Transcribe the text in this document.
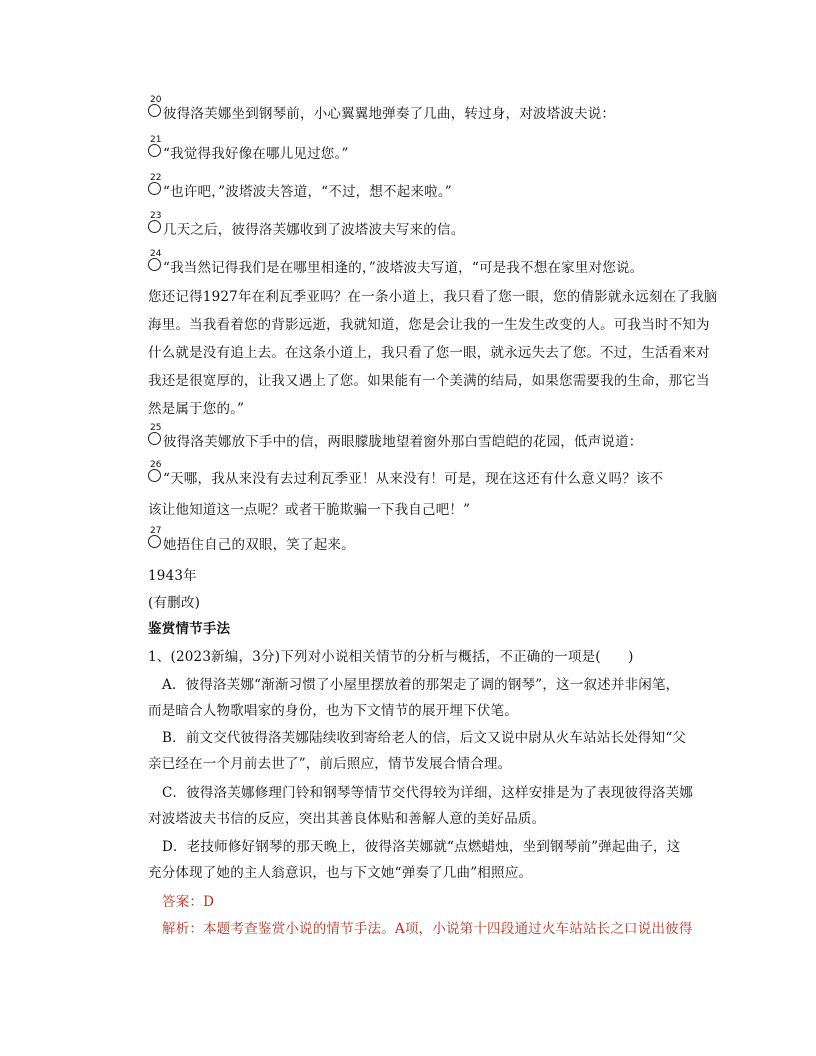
20
彼得洛芙娜坐到钢琴前，小心翼翼地弹奏了几曲，转过身，对波塔波夫说：
21
“我觉得我好像在哪儿见过您。”
22
“也许吧，”波塔波夫答道，“不过，想不起来啦。”
23
几天之后，彼得洛芙娜收到了波塔波夫写来的信。
24
“我当然记得我们是在哪里相逢的，”波塔波夫写道，“可是我不想在家里对您说。
您还记得1927年在利瓦季亚吗？在一条小道上，我只看了您一眼，您的倩影就永远刻在了我脑
海里。当我看着您的背影远逝，我就知道，您是会让我的一生发生改变的人。可我当时不知为
什么就是没有追上去。在这条小道上，我只看了您一眼，就永远失去了您。不过，生活看来对
我还是很宽厚的，让我又遇上了您。如果能有一个美满的结局，如果您需要我的生命，那它当
然是属于您的。”
25
彼得洛芙娜放下手中的信，两眼朦胧地望着窗外那白雪皑皑的花园，低声说道：
26
“天哪，我从来没有去过利瓦季亚！从来没有！可是，现在这还有什么意义吗？该不
该让他知道这一点呢？或者干脆欺骗一下我自己吧！”
27
她捂住自己的双眼，笑了起来。
1943年
(有删改)
鉴赏情节手法
1、(2023新编，3分)下列对小说相关情节的分析与概括，不正确的一项是(　　)
A．彼得洛芙娜“渐渐习惯了小屋里摆放着的那架走了调的钢琴”，这一叙述并非闲笔，
而是暗合人物歌唱家的身份，也为下文情节的展开埋下伏笔。
B．前文交代彼得洛芙娜陆续收到寄给老人的信，后文又说中尉从火车站站长处得知“父
亲已经在一个月前去世了”，前后照应，情节发展合情合理。
C．彼得洛芙娜修理门铃和钢琴等情节交代得较为详细，这样安排是为了表现彼得洛芙娜
对波塔波夫书信的反应，突出其善良体贴和善解人意的美好品质。
D．老技师修好钢琴的那天晚上，彼得洛芙娜就“点燃蜡烛，坐到钢琴前”弹起曲子，这
充分体现了她的主人翁意识，也与下文她“弹奏了几曲”相照应。
答案：D
解析：本题考查鉴赏小说的情节手法。A项，小说第十四段通过火车站站长之口说出彼得
